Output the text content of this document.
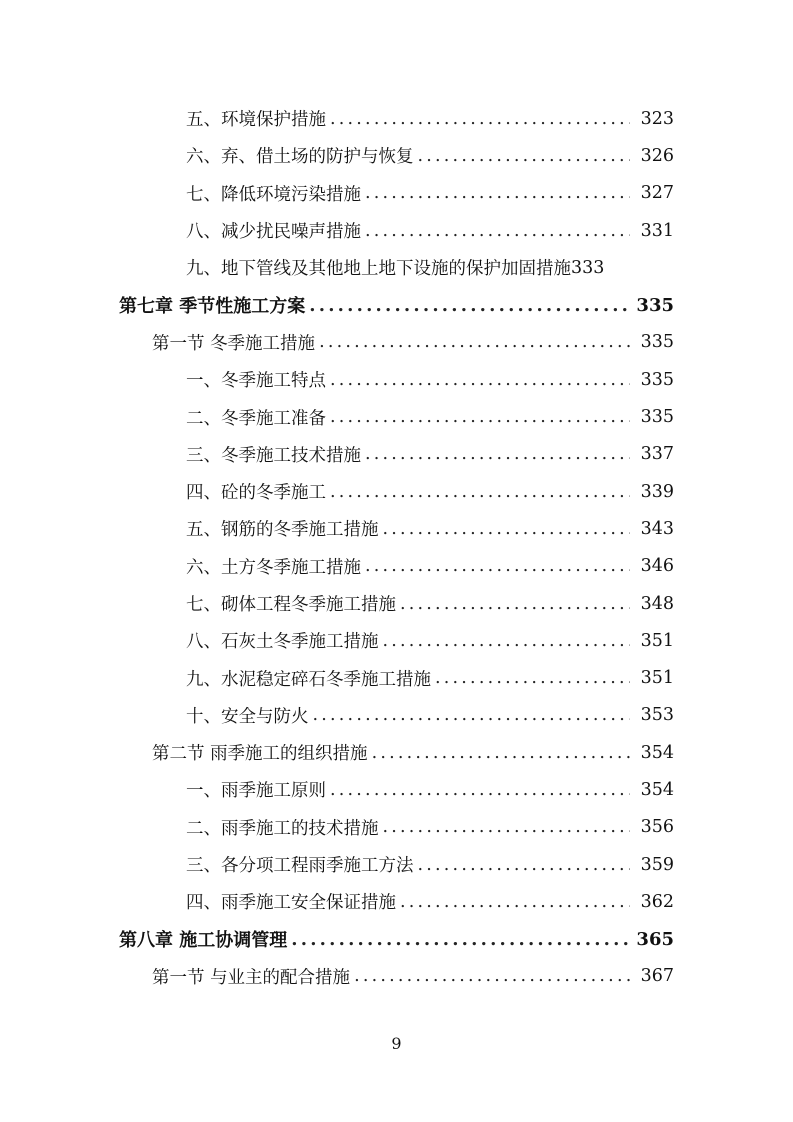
五、环境保护措施 .....	323
六、弃、借土场的防护与恢复 .....	326
七、降低环境污染措施 .....	327
八、减少扰民噪声措施 .....	331
九、地下管线及其他地上地下设施的保护加固措施 333
第七章 季节性施工方案 .....	335
第一节 冬季施工措施 .....	335
一、冬季施工特点 .....	335
二、冬季施工准备 .....	335
三、冬季施工技术措施 .....	337
四、砼的冬季施工 .....	339
五、钢筋的冬季施工措施 .....	343
六、土方冬季施工措施 .....	346
七、砌体工程冬季施工措施 .....	348
八、石灰土冬季施工措施 .....	351
九、水泥稳定碎石冬季施工措施 .....	351
十、安全与防火 .....	353
第二节 雨季施工的组织措施 .....	354
一、雨季施工原则 .....	354
二、雨季施工的技术措施 .....	356
三、各分项工程雨季施工方法 .....	359
四、雨季施工安全保证措施 .....	362
第八章 施工协调管理 .....	365
第一节 与业主的配合措施 .....	367
9
